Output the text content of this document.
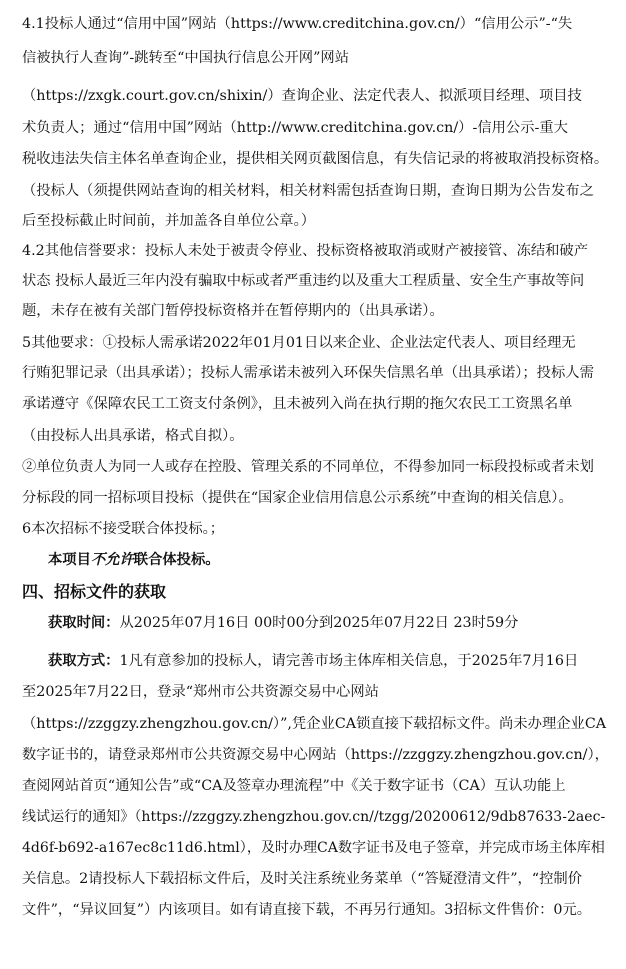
4.1投标人通过“信用中国”网站（https://www.creditchina.gov.cn/）“信用公示”-“失
信被执行人查询”-跳转至“中国执行信息公开网”网站
（https://zxgk.court.gov.cn/shixin/）查询企业、法定代表人、拟派项目经理、项目技
术负责人；通过“信用中国”网站（http://www.creditchina.gov.cn/）-信用公示-重大
税收违法失信主体名单查询企业，提供相关网页截图信息，有失信记录的将被取消投标资格。
（投标人（须提供网站查询的相关材料，相关材料需包括查询日期，查询日期为公告发布之
后至投标截止时间前，并加盖各自单位公章。）
4.2其他信誉要求：投标人未处于被责令停业、投标资格被取消或财产被接管、冻结和破产
状态 投标人最近三年内没有骗取中标或者严重违约以及重大工程质量、安全生产事故等问
题，未存在被有关部门暂停投标资格并在暂停期内的（出具承诺）。
5其他要求：①投标人需承诺2022年01月01日以来企业、企业法定代表人、项目经理无
行贿犯罪记录（出具承诺）；投标人需承诺未被列入环保失信黑名单（出具承诺）；投标人需
承诺遵守《保障农民工工资支付条例》，且未被列入尚在执行期的拖欠农民工工资黑名单
（由投标人出具承诺，格式自拟）。
②单位负责人为同一人或存在控股、管理关系的不同单位，不得参加同一标段投标或者未划
分标段的同一招标项目投标（提供在“国家企业信用信息公示系统”中查询的相关信息）。
6本次招标不接受联合体投标。；
本项目不允许联合体投标。
四、招标文件的获取
获取时间：从2025年07月16日 00时00分到2025年07月22日 23时59分
获取方式：1凡有意参加的投标人，请完善市场主体库相关信息，于2025年7月16日
至2025年7月22日，登录“郑州市公共资源交易中心网站
（https://zzggzy.zhengzhou.gov.cn/）”,凭企业CA锁直接下载招标文件。尚未办理企业CA
数字证书的，请登录郑州市公共资源交易中心网站（https://zzggzy.zhengzhou.gov.cn/），
查阅网站首页“通知公告”或“CA及签章办理流程”中《关于数字证书（CA）互认功能上
线试运行的通知》（https://zzggzy.zhengzhou.gov.cn//tzgg/20200612/9db87633-2aec-
4d6f-b692-a167ec8c11d6.html），及时办理CA数字证书及电子签章，并完成市场主体库相
关信息。2请投标人下载招标文件后，及时关注系统业务菜单（“答疑澄清文件”，“控制价
文件”，“异议回复”）内该项目。如有请直接下载，不再另行通知。3招标文件售价：0元。
